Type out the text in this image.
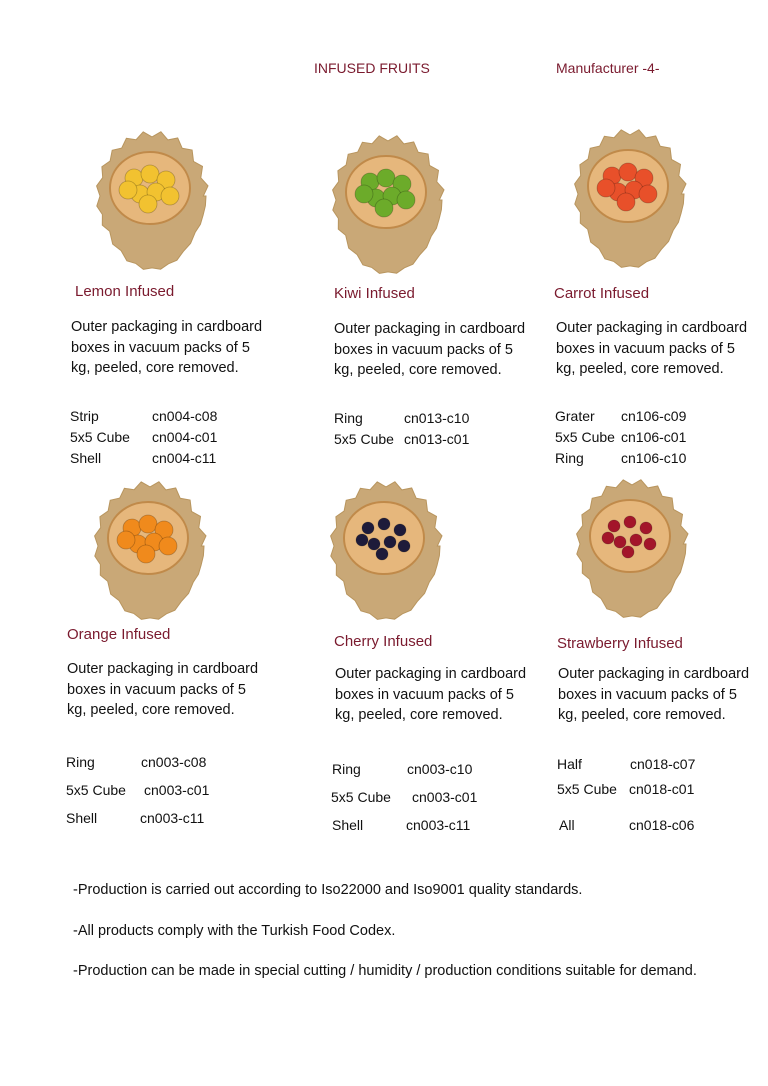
INFUSED FRUITS	Manufacturer -4-
Lemon Infused
Outer packaging in cardboard boxes in vacuum packs of 5 kg, peeled, core removed.
Strip	cn004-c08
5x5 Cube cn004-c01
Shell	cn004-c11
Kiwi Infused
Outer packaging in cardboard boxes in vacuum packs of 5 kg, peeled, core removed.
Ring	cn013-c10
5x5 Cube cn013-c01
Carrot Infused
Outer packaging in cardboard boxes in vacuum packs of 5 kg, peeled, core removed.
Grater cn106-c09
5x5 Cube cn106-c01
Ring	cn106-c10
Orange Infused
Outer packaging in cardboard boxes in vacuum packs of 5 kg, peeled, core removed.
Ring	cn003-c08
5x5 Cube cn003-c01
Shell	cn003-c11
Cherry Infused
Outer packaging in cardboard boxes in vacuum packs of 5 kg, peeled, core removed.
Ring	cn003-c10
5x5 Cube cn003-c01
Shell	cn003-c11
Strawberry Infused
Outer packaging in cardboard boxes in vacuum packs of 5 kg, peeled, core removed.
Half	cn018-c07
5x5 Cube cn018-c01
All	cn018-c06

-Production is carried out according to Iso22000 and Iso9001 quality standards.

-All products comply with the Turkish Food Codex.

-Production can be made in special cutting / humidity / production conditions suitable for demand.
